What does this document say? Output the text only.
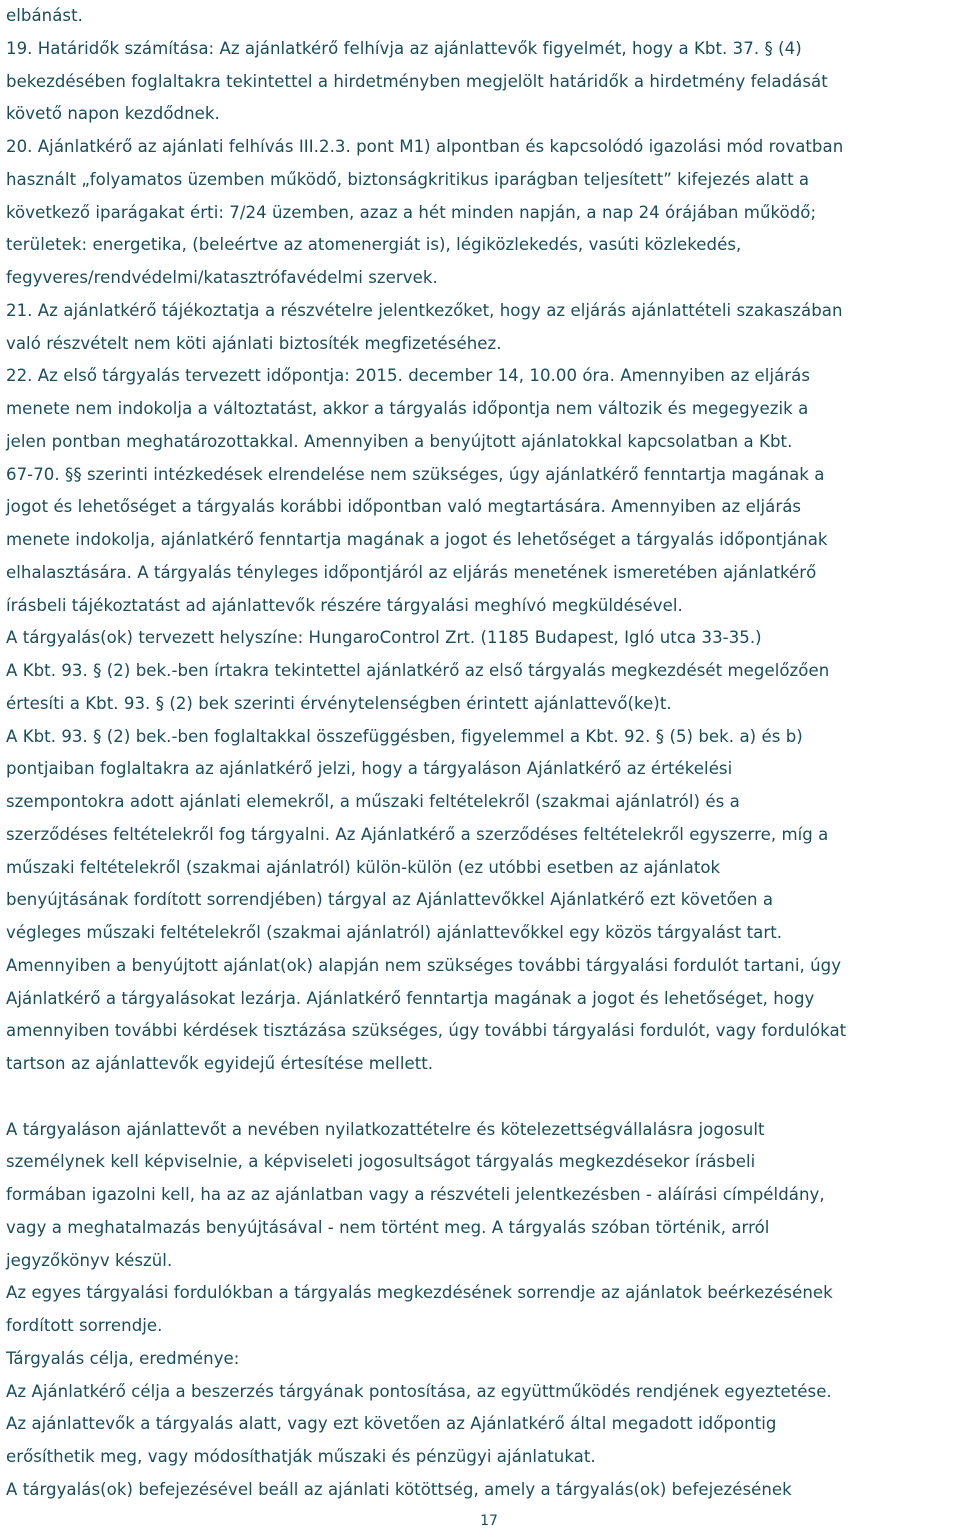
elbánást.
19. Határidők számítása: Az ajánlatkérő felhívja az ajánlattevők figyelmét, hogy a Kbt. 37. § (4)
bekezdésében foglaltakra tekintettel a hirdetményben megjelölt határidők a hirdetmény feladását
követő napon kezdődnek.
20. Ajánlatkérő az ajánlati felhívás III.2.3. pont M1) alpontban és kapcsolódó igazolási mód rovatban
használt „folyamatos üzemben működő, biztonságkritikus iparágban teljesített” kifejezés alatt a
következő iparágakat érti: 7/24 üzemben, azaz a hét minden napján, a nap 24 órájában működő;
területek: energetika, (beleértve az atomenergiát is), légiközlekedés, vasúti közlekedés,
fegyveres/rendvédelmi/katasztrófavédelmi szervek.
21. Az ajánlatkérő tájékoztatja a részvételre jelentkezőket, hogy az eljárás ajánlattételi szakaszában
való részvételt nem köti ajánlati biztosíték megfizetéséhez.
22. Az első tárgyalás tervezett időpontja: 2015. december 14, 10.00 óra. Amennyiben az eljárás
menete nem indokolja a változtatást, akkor a tárgyalás időpontja nem változik és megegyezik a
jelen pontban meghatározottakkal. Amennyiben a benyújtott ajánlatokkal kapcsolatban a Kbt.
67-70. §§ szerinti intézkedések elrendelése nem szükséges, úgy ajánlatkérő fenntartja magának a
jogot és lehetőséget a tárgyalás korábbi időpontban való megtartására. Amennyiben az eljárás
menete indokolja, ajánlatkérő fenntartja magának a jogot és lehetőséget a tárgyalás időpontjának
elhalasztására. A tárgyalás tényleges időpontjáról az eljárás menetének ismeretében ajánlatkérő
írásbeli tájékoztatást ad ajánlattevők részére tárgyalási meghívó megküldésével.
A tárgyalás(ok) tervezett helyszíne: HungaroControl Zrt. (1185 Budapest, Igló utca 33-35.)
A Kbt. 93. § (2) bek.-ben írtakra tekintettel ajánlatkérő az első tárgyalás megkezdését megelőzően
értesíti a Kbt. 93. § (2) bek szerinti érvénytelenségben érintett ajánlattevő(ke)t.
A Kbt. 93. § (2) bek.-ben foglaltakkal összefüggésben, figyelemmel a Kbt. 92. § (5) bek. a) és b)
pontjaiban foglaltakra az ajánlatkérő jelzi, hogy a tárgyaláson Ajánlatkérő az értékelési
szempontokra adott ajánlati elemekről, a műszaki feltételekről (szakmai ajánlatról) és a
szerződéses feltételekről fog tárgyalni. Az Ajánlatkérő a szerződéses feltételekről egyszerre, míg a
műszaki feltételekről (szakmai ajánlatról) külön-külön (ez utóbbi esetben az ajánlatok
benyújtásának fordított sorrendjében) tárgyal az Ajánlattevőkkel Ajánlatkérő ezt követően a
végleges műszaki feltételekről (szakmai ajánlatról) ajánlattevőkkel egy közös tárgyalást tart.
Amennyiben a benyújtott ajánlat(ok) alapján nem szükséges további tárgyalási fordulót tartani, úgy
Ajánlatkérő a tárgyalásokat lezárja. Ajánlatkérő fenntartja magának a jogot és lehetőséget, hogy
amennyiben további kérdések tisztázása szükséges, úgy további tárgyalási fordulót, vagy fordulókat
tartson az ajánlattevők egyidejű értesítése mellett.
A tárgyaláson ajánlattevőt a nevében nyilatkozattételre és kötelezettségvállalásra jogosult
személynek kell képviselnie, a képviseleti jogosultságot tárgyalás megkezdésekor írásbeli
formában igazolni kell, ha az az ajánlatban vagy a részvételi jelentkezésben - aláírási címpéldány,
vagy a meghatalmazás benyújtásával - nem történt meg. A tárgyalás szóban történik, arról
jegyzőkönyv készül.
Az egyes tárgyalási fordulókban a tárgyalás megkezdésének sorrendje az ajánlatok beérkezésének
fordított sorrendje.
Tárgyalás célja, eredménye:
Az Ajánlatkérő célja a beszerzés tárgyának pontosítása, az együttműködés rendjének egyeztetése.
Az ajánlattevők a tárgyalás alatt, vagy ezt követően az Ajánlatkérő által megadott időpontig
erősíthetik meg, vagy módosíthatják műszaki és pénzügyi ajánlatukat.
A tárgyalás(ok) befejezésével beáll az ajánlati kötöttség, amely a tárgyalás(ok) befejezésének
17
